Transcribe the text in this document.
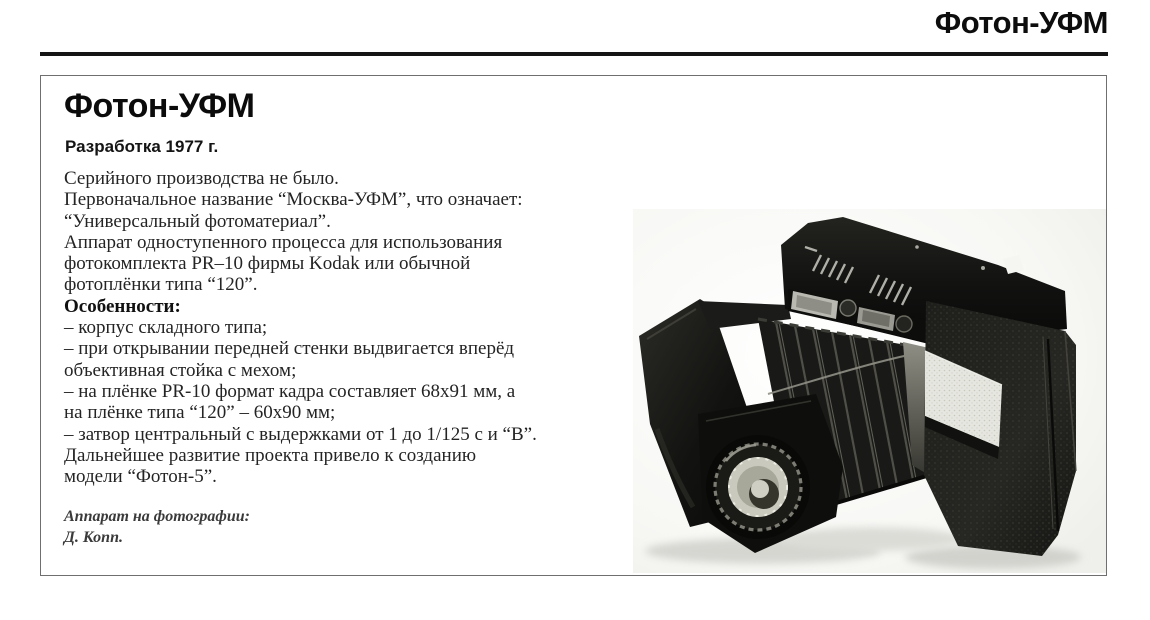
Фотон-УФМ
Фотон-УФМ
Разработка 1977 г.
Серийного производства не было.
Первоначальное название “Москва-УФМ”, что означает:
“Универсальный фотоматериал”.
Аппарат одноступенного процесса для использования
фотокомплекта PR–10 фирмы Kodak или обычной
фотоплёнки типа “120”.
Особенности:
– корпус складного типа;
– при открывании передней стенки выдвигается вперёд
объективная стойка с мехом;
– на плёнке PR-10 формат кадра составляет 68x91 мм, а
на плёнке типа “120” – 60x90 мм;
– затвор центральный с выдержками от 1 до 1/125 с и “В”.
Дальнейшее развитие проекта привело к созданию
модели “Фотон-5”.
Аппарат на фотографии:
Д. Копп.
